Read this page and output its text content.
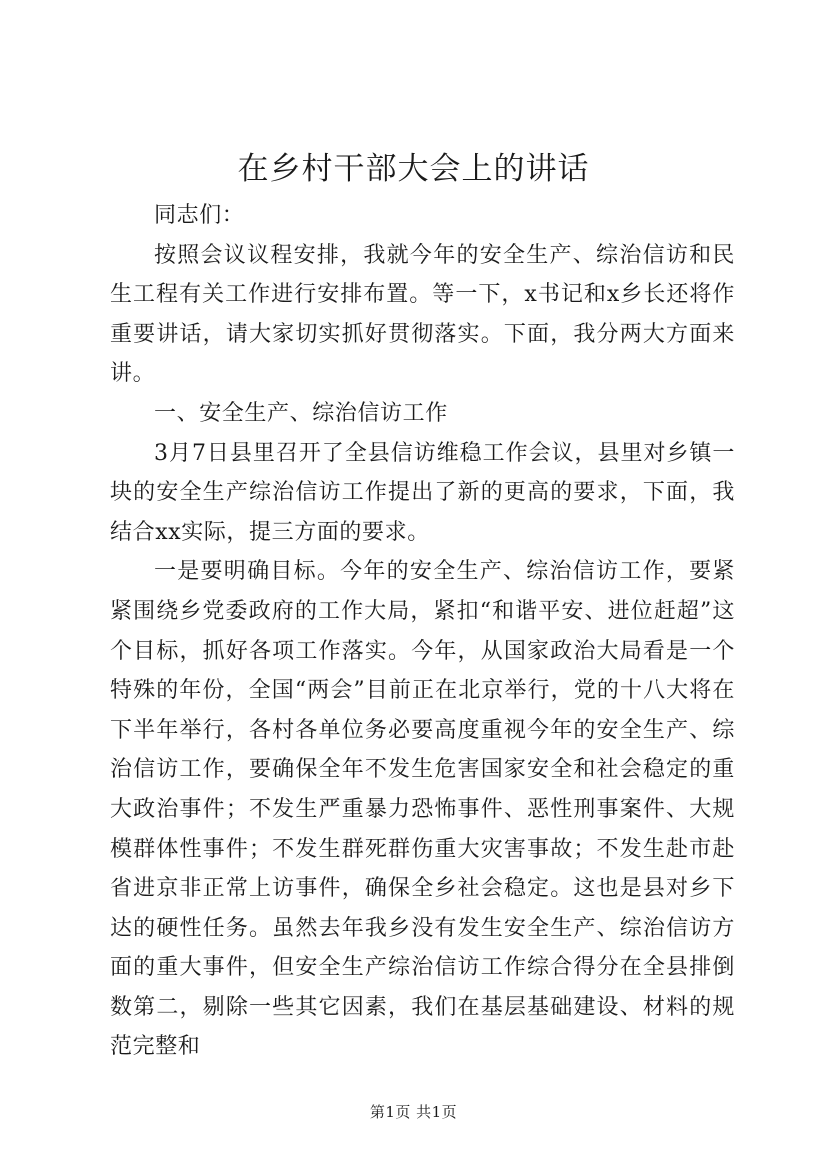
在乡村干部大会上的讲话

同志们：

按照会议议程安排，我就今年的安全生产、综治信访和民生工程有关工作进行安排布置。等一下，x书记和x乡长还将作重要讲话，请大家切实抓好贯彻落实。下面，我分两大方面来讲。

一、安全生产、综治信访工作

3月7日县里召开了全县信访维稳工作会议，县里对乡镇一块的安全生产综治信访工作提出了新的更高的要求，下面，我结合xx实际，提三方面的要求。

一是要明确目标。今年的安全生产、综治信访工作，要紧紧围绕乡党委政府的工作大局，紧扣“和谐平安、进位赶超”这个目标，抓好各项工作落实。今年，从国家政治大局看是一个特殊的年份，全国“两会”目前正在北京举行，党的十八大将在下半年举行，各村各单位务必要高度重视今年的安全生产、综治信访工作，要确保全年不发生危害国家安全和社会稳定的重大政治事件；不发生严重暴力恐怖事件、恶性刑事案件、大规模群体性事件；不发生群死群伤重大灾害事故；不发生赴市赴省进京非正常上访事件，确保全乡社会稳定。这也是县对乡下达的硬性任务。虽然去年我乡没有发生安全生产、综治信访方面的重大事件，但安全生产综治信访工作综合得分在全县排倒数第二，剔除一些其它因素，我们在基层基础建设、材料的规范完整和

第1页 共1页
